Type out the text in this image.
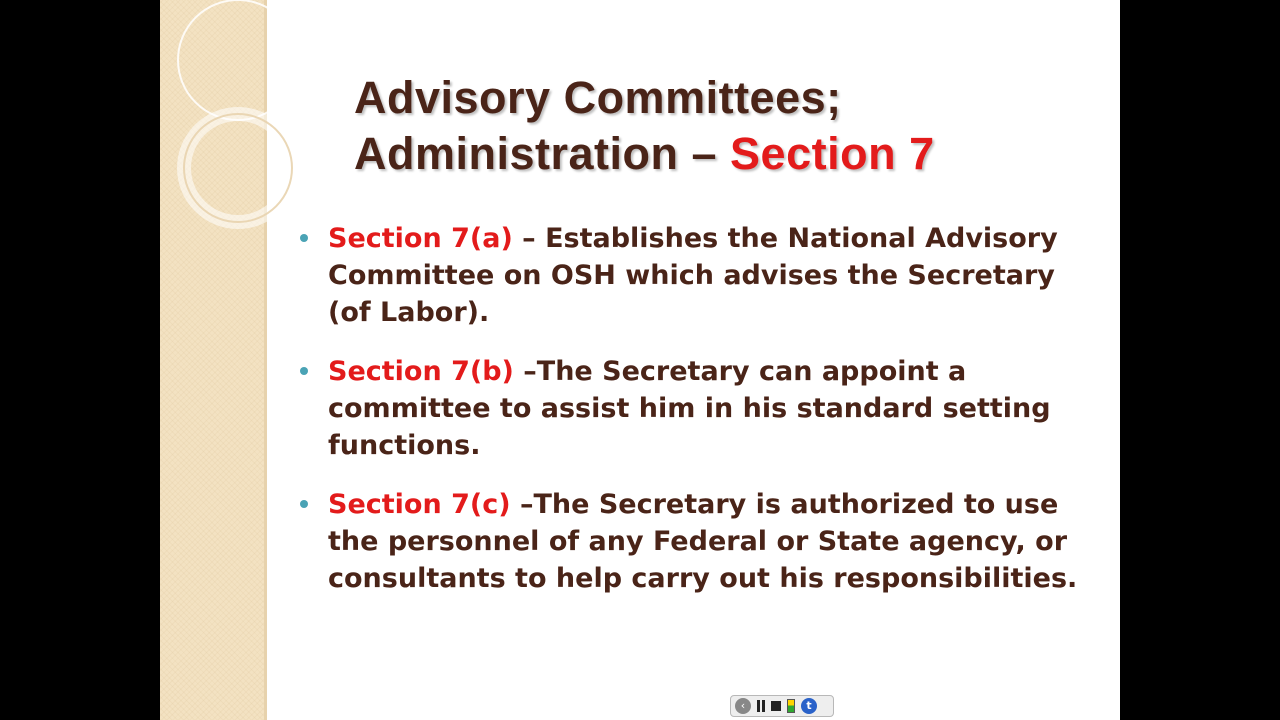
Advisory Committees;
Administration – Section 7
Section 7(a) – Establishes the National Advisory Committee on OSH which advises the Secretary (of Labor).
Section 7(b) –The Secretary can appoint a committee to assist him in his standard setting functions.
Section 7(c) –The Secretary is authorized to use the personnel of any Federal or State agency, or consultants to help carry out his responsibilities.
‹	t
